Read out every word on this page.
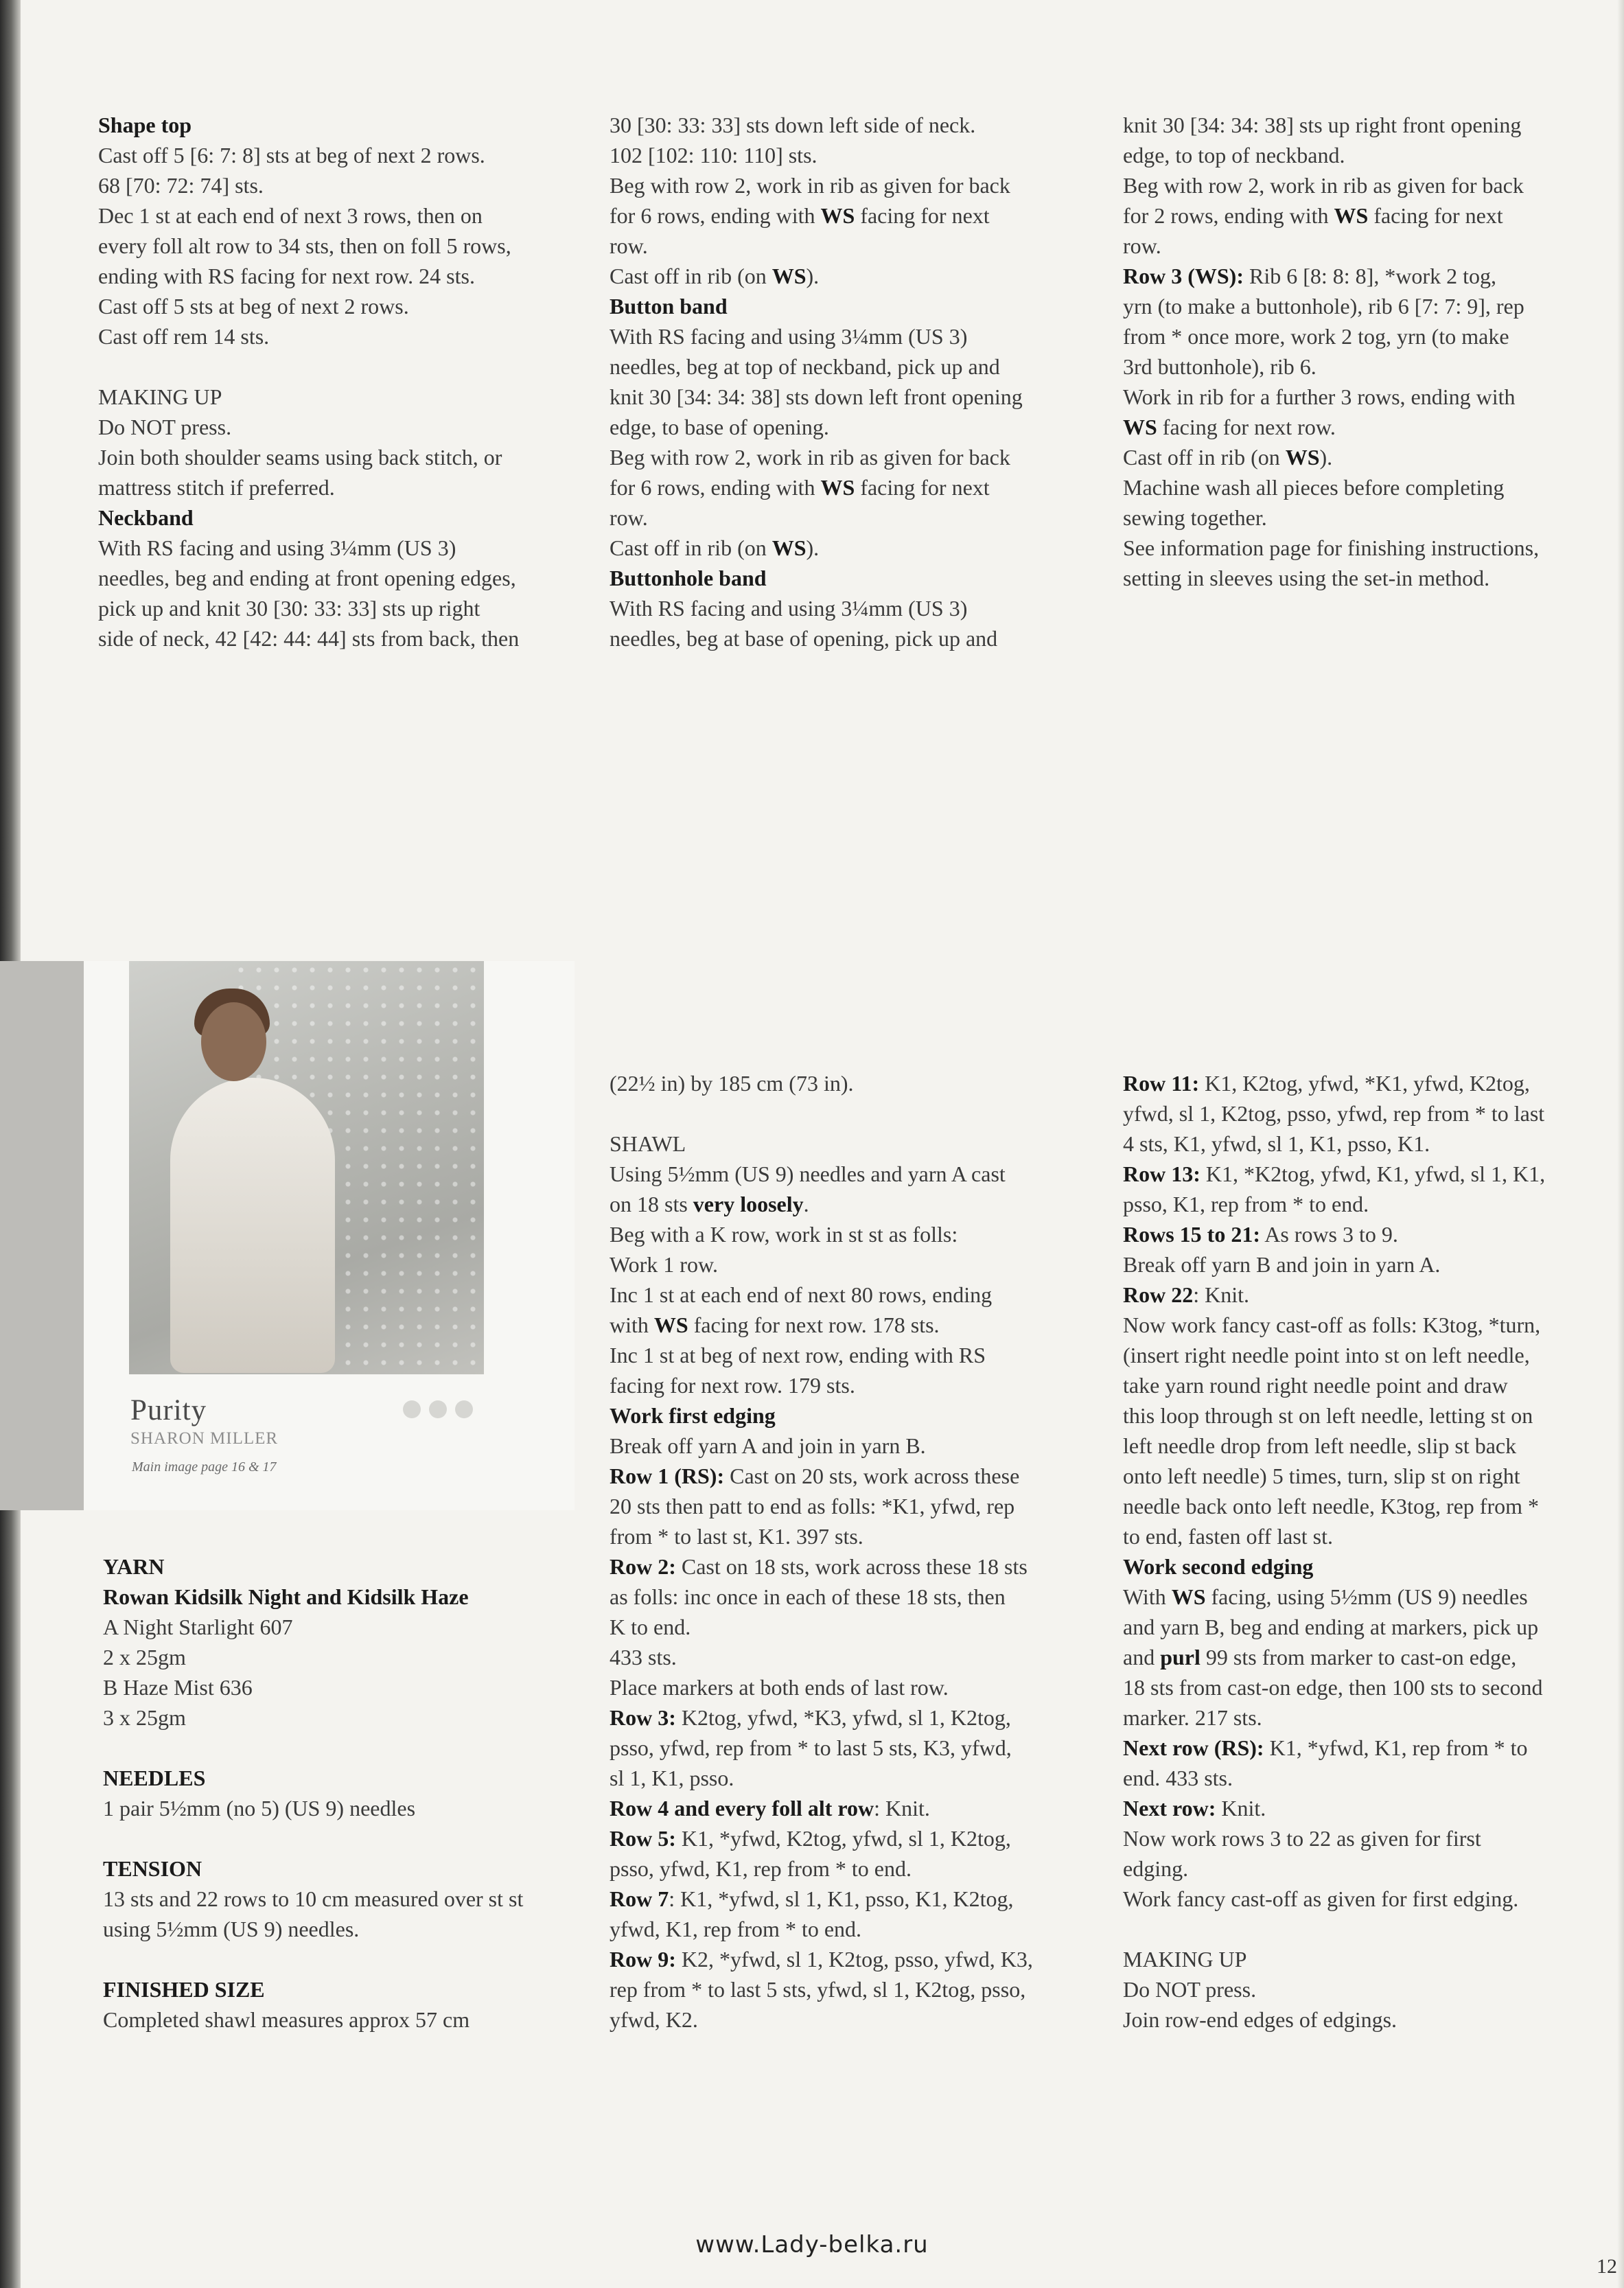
Shape top

Cast off 5 [6: 7: 8] sts at beg of next 2 rows.

68 [70: 72: 74] sts.

Dec 1 st at each end of next 3 rows, then on

every foll alt row to 34 sts, then on foll 5 rows,

ending with RS facing for next row. 24 sts.

Cast off 5 sts at beg of next 2 rows.

Cast off rem 14 sts.

MAKING UP

Do NOT press.

Join both shoulder seams using back stitch, or

mattress stitch if preferred.

Neckband

With RS facing and using 3¼mm (US 3)

needles, beg and ending at front opening edges,

pick up and knit 30 [30: 33: 33] sts up right

side of neck, 42 [42: 44: 44] sts from back, then

30 [30: 33: 33] sts down left side of neck.

102 [102: 110: 110] sts.

Beg with row 2, work in rib as given for back

for 6 rows, ending with WS facing for next

row.

Cast off in rib (on WS).

Button band

With RS facing and using 3¼mm (US 3)

needles, beg at top of neckband, pick up and

knit 30 [34: 34: 38] sts down left front opening

edge, to base of opening.

Beg with row 2, work in rib as given for back

for 6 rows, ending with WS facing for next

row.

Cast off in rib (on WS).

Buttonhole band

With RS facing and using 3¼mm (US 3)

needles, beg at base of opening, pick up and

knit 30 [34: 34: 38] sts up right front opening

edge, to top of neckband.

Beg with row 2, work in rib as given for back

for 2 rows, ending with WS facing for next

row.

Row 3 (WS): Rib 6 [8: 8: 8], *work 2 tog,

yrn (to make a buttonhole), rib 6 [7: 7: 9], rep

from * once more, work 2 tog, yrn (to make

3rd buttonhole), rib 6.

Work in rib for a further 3 rows, ending with

WS facing for next row.

Cast off in rib (on WS).

Machine wash all pieces before completing

sewing together.

See information page for finishing instructions,

setting in sleeves using the set-in method.

Purity
SHARON MILLER
Main image page 16 & 17

YARN

Rowan Kidsilk Night and Kidsilk Haze

A Night Starlight 607

2 x 25gm

B Haze Mist 636

3 x 25gm

NEEDLES

1 pair 5½mm (no 5) (US 9) needles

TENSION

13 sts and 22 rows to 10 cm measured over st st

using 5½mm (US 9) needles.

FINISHED SIZE

Completed shawl measures approx 57 cm

(22½ in) by 185 cm (73 in).

SHAWL

Using 5½mm (US 9) needles and yarn A cast

on 18 sts very loosely.

Beg with a K row, work in st st as folls:

Work 1 row.

Inc 1 st at each end of next 80 rows, ending

with WS facing for next row. 178 sts.

Inc 1 st at beg of next row, ending with RS

facing for next row. 179 sts.

Work first edging

Break off yarn A and join in yarn B.

Row 1 (RS): Cast on 20 sts, work across these

20 sts then patt to end as folls: *K1, yfwd, rep

from * to last st, K1. 397 sts.

Row 2: Cast on 18 sts, work across these 18 sts

as folls: inc once in each of these 18 sts, then

K to end.

433 sts.

Place markers at both ends of last row.

Row 3: K2tog, yfwd, *K3, yfwd, sl 1, K2tog,

psso, yfwd, rep from * to last 5 sts, K3, yfwd,

sl 1, K1, psso.

Row 4 and every foll alt row: Knit.

Row 5: K1, *yfwd, K2tog, yfwd, sl 1, K2tog,

psso, yfwd, K1, rep from * to end.

Row 7: K1, *yfwd, sl 1, K1, psso, K1, K2tog,

yfwd, K1, rep from * to end.

Row 9: K2, *yfwd, sl 1, K2tog, psso, yfwd, K3,

rep from * to last 5 sts, yfwd, sl 1, K2tog, psso,

yfwd, K2.

Row 11: K1, K2tog, yfwd, *K1, yfwd, K2tog,

yfwd, sl 1, K2tog, psso, yfwd, rep from * to last

4 sts, K1, yfwd, sl 1, K1, psso, K1.

Row 13: K1, *K2tog, yfwd, K1, yfwd, sl 1, K1,

psso, K1, rep from * to end.

Rows 15 to 21: As rows 3 to 9.

Break off yarn B and join in yarn A.

Row 22: Knit.

Now work fancy cast-off as folls: K3tog, *turn,

(insert right needle point into st on left needle,

take yarn round right needle point and draw

this loop through st on left needle, letting st on

left needle drop from left needle, slip st back

onto left needle) 5 times, turn, slip st on right

needle back onto left needle, K3tog, rep from *

to end, fasten off last st.

Work second edging

With WS facing, using 5½mm (US 9) needles

and yarn B, beg and ending at markers, pick up

and purl 99 sts from marker to cast-on edge,

18 sts from cast-on edge, then 100 sts to second

marker. 217 sts.

Next row (RS): K1, *yfwd, K1, rep from * to

end. 433 sts.

Next row: Knit.

Now work rows 3 to 22 as given for first

edging.

Work fancy cast-off as given for first edging.

MAKING UP

Do NOT press.

Join row-end edges of edgings.

www.Lady-belka.ru
12
